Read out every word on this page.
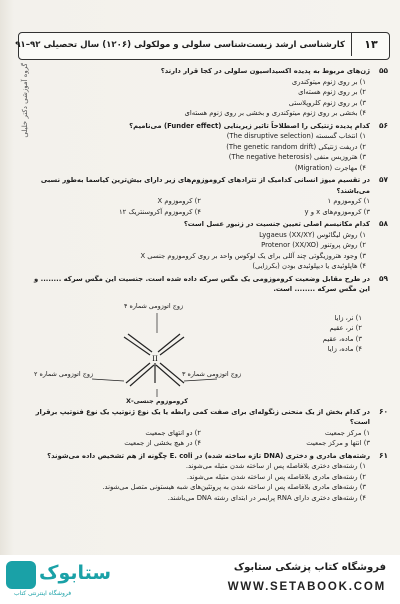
کارشناسی ارشد زیست‌شناسی سلولی و مولکولی (۱۲۰۶) سال تحصیلی ۹۲–۹۱	۱۳
گروه آموزشی دکتر خلیلی	۵۵
ژن‌های مربوط به پدیده اکسیداسیون سلولی در کجا قرار دارند؟
۱) بر روی ژنوم میتوکندری
۲) بر روی ژنوم هسته‌ای
۳) بر روی ژنوم کلروپلاستی
۴) بخشی بر روی ژنوم میتوکندری و بخشی بر روی ژنوم هسته‌ای
۵۶
کدام پدیده ژنتیکی را اصطلاحاً تاثیر زیربنایی (Funder effect) می‌نامیم؟
۱) انتخاب گسسته (The disruptive selection)
۲) دریفت ژنتیکی (The genetic random drift)
۳) هتروزیس منفی (The negative heterosis)
۴) مهاجرت (Migration)
۵۷
در تقسیم میوز انسانی کدامیک از تتراد‌های کروموزوم‌های زیر دارای بیش‌ترین کیاسما به‌طور نسبی می‌باشند؟
۱) کروموزوم ۱
۲) کروموزوم X
۳) کروموزوم‌های x و y
۴) کروموزوم آکروسنتریک ۱۲
۵۸
کدام مکانیسم اصلی تعیین جنسیت در زنبور عسل است؟
۱) روش لیگائوس (XX/XY) Lygaeus
۲) روش پروتنور (XX/XO) Protenor
۳) وجود هتروزیگوتی چند آللی برای یک لوکوس واحد بر روی کروموزوم جنسی X
۴) هاپلوئیدی یا دیپلوئیدی بودن (بکرزایی)
۵۹
در طرح مقابل وضعیت کروموزومی یک مگس سرکه داده شده است. جنسیت این مگس سرکه ........ و این مگس سرکه ........ است.
II
زوج اتوزومی شماره ۴
زوج اتوزومی شماره ۲	زوج اتوزومی شماره ۳
کروموزوم جنسی-X
۱) نر، زایا
۲) نر، عقیم
۳) ماده، عقیم
۴) ماده، زایا
۶۰
در کدام بخش از یک منحنی زنگوله‌ای برای صفت کمی رابطه یا یک نوع ژنوتیپ یک نوع فنوتیپ برقرار است؟
۱) مرکز جمعیت
۲) دو انتهای جمعیت
۳) انتها و مرکز جمعیت
۴) در هیچ بخشی از جمعیت
۶۱
رشته‌های مادری و دختری (DNA تازه ساخته شده) در E. coli چگونه از هم تشخیص داده می‌شوند؟
۱) رشته‌های دختری بلافاصله پس از ساخته شدن متیله می‌شوند.
۲) رشته‌های مادری بلافاصله پس از ساخته شدن متیله می‌شوند.
۳) رشته‌های مادری بلافاصله پس از ساخته شدن به پروتئین‌های شبه هیستونی متصل می‌شوند.
۴) رشته‌های دختری دارای RNA پرایمر در ابتدای رشته DNA می‌باشند.
ستابوک
فروشگاه اینترنتی کتاب
فروشگاه کتاب پزشکی ستابوک
WWW.SETABOOK.COM
